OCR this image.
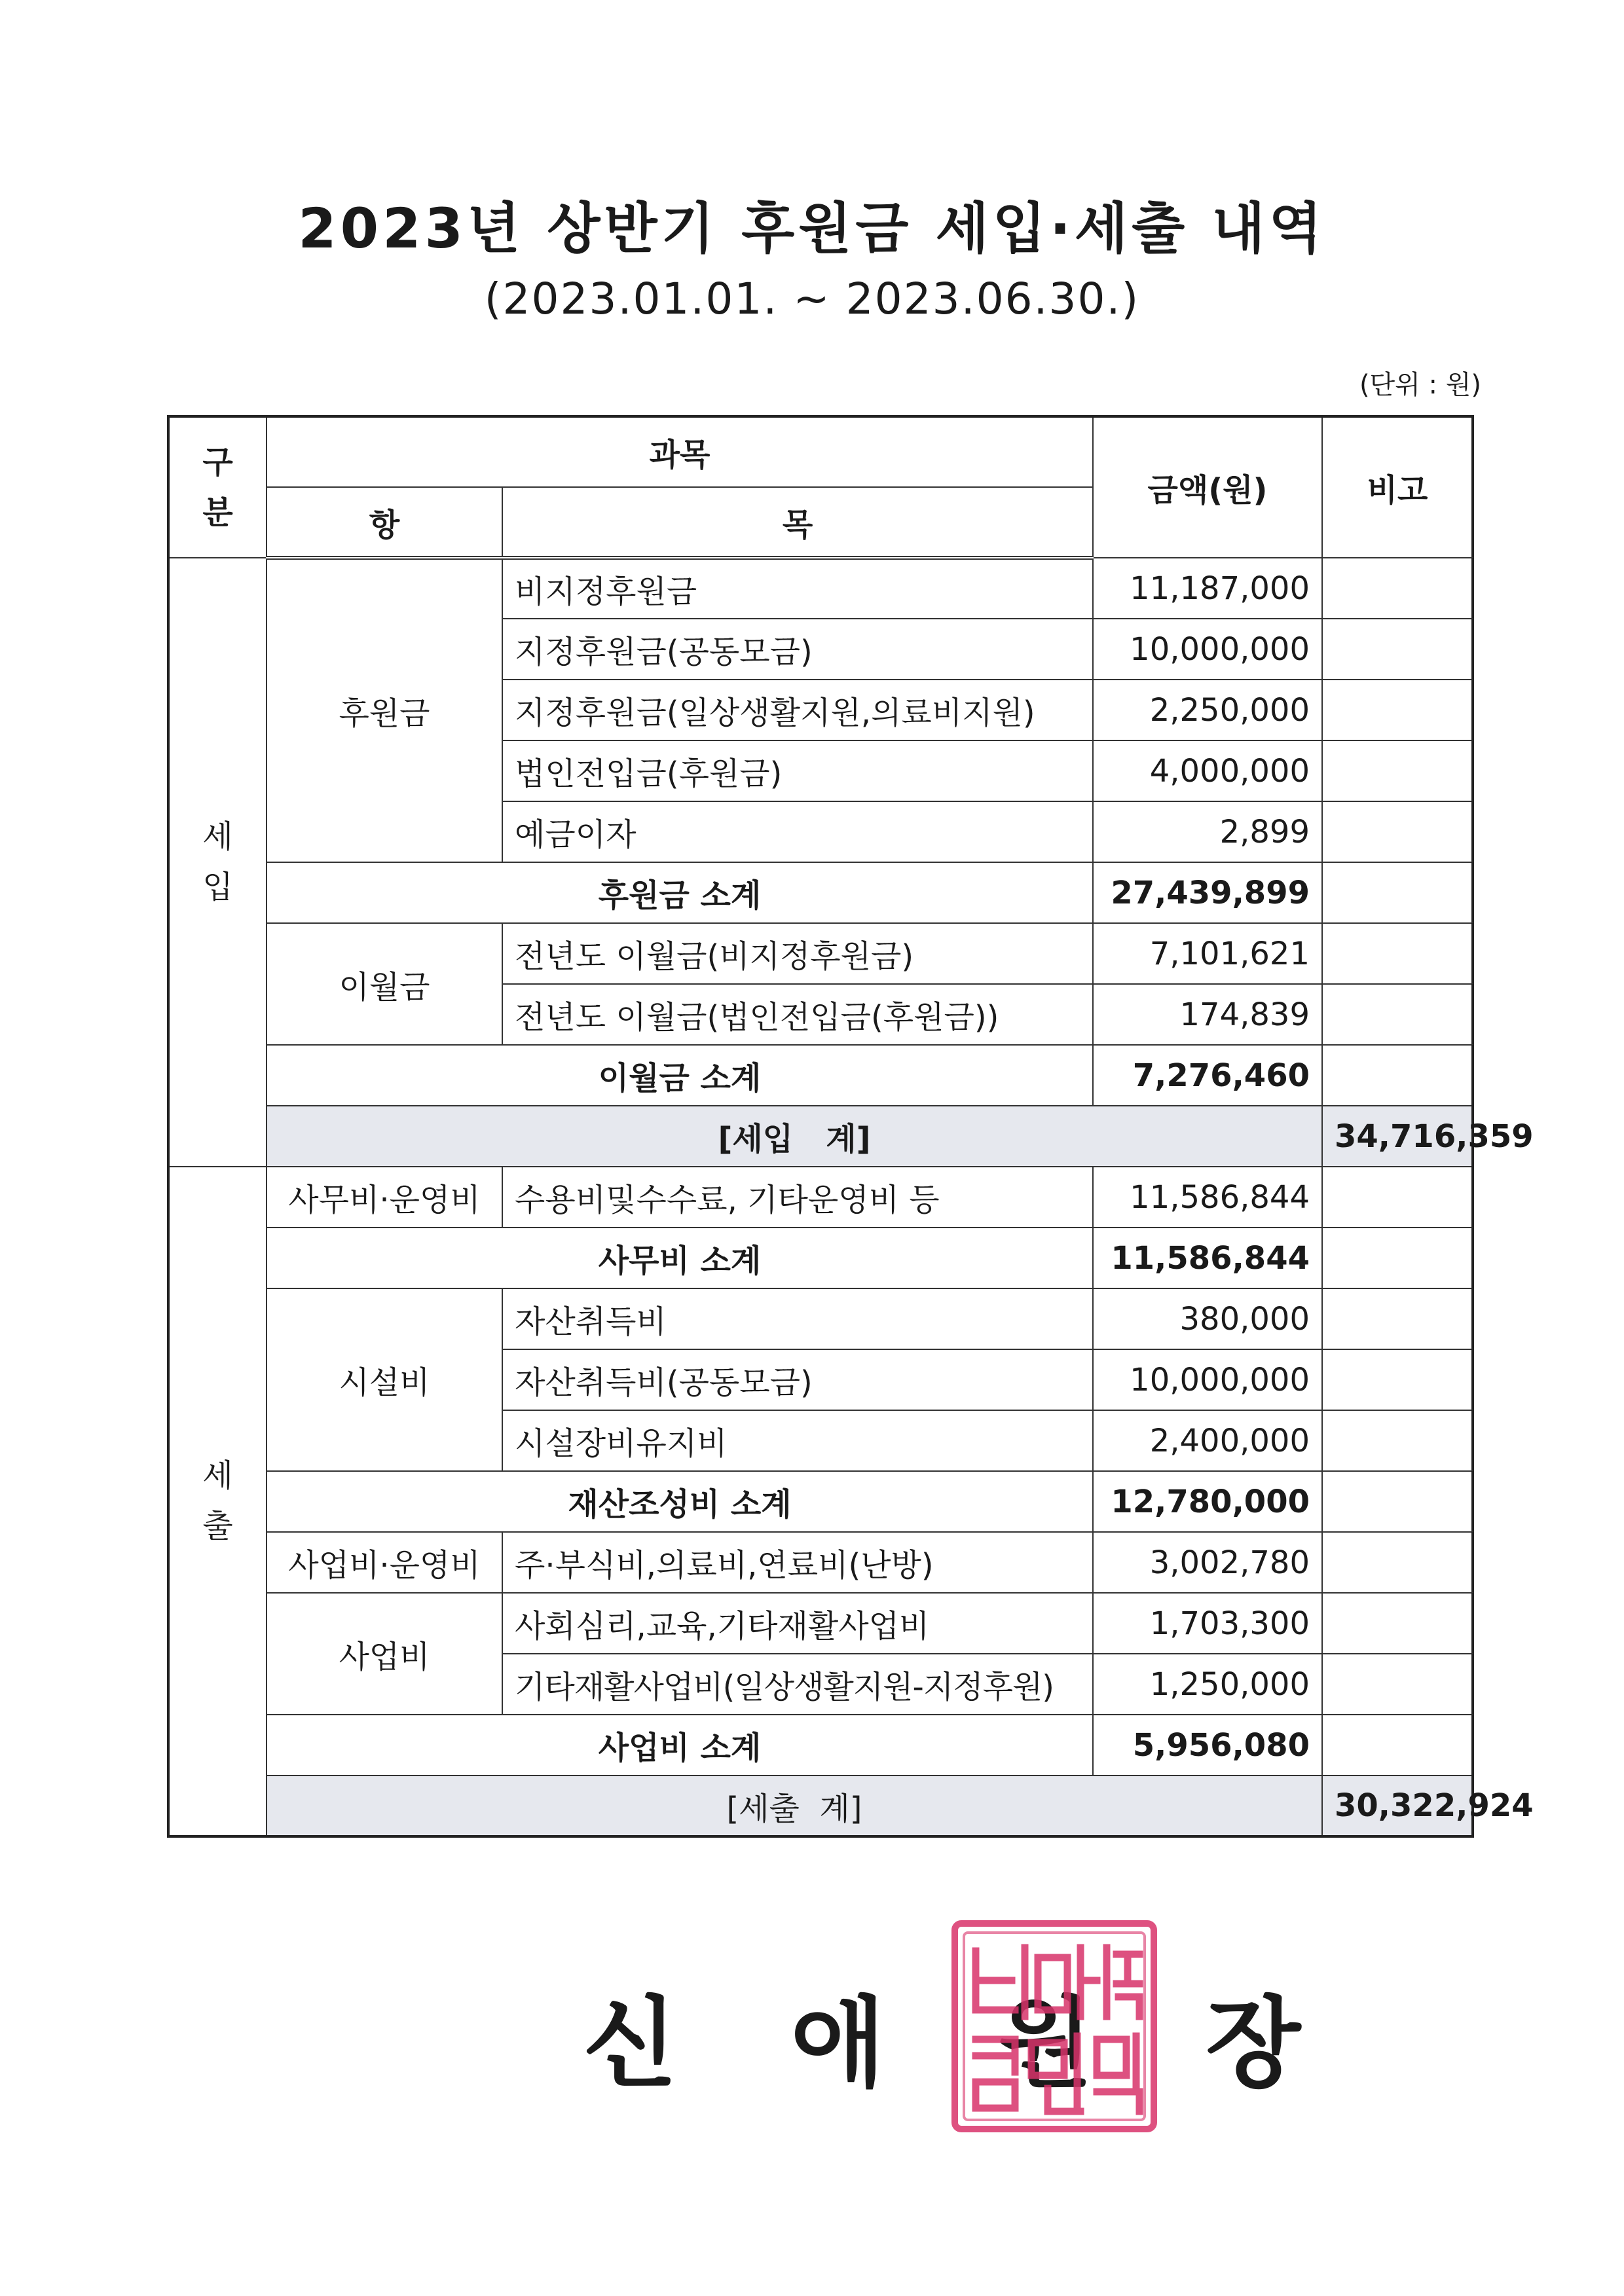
2023년 상반기 후원금 세입·세출 내역
(2023.01.01. ~ 2023.06.30.)
(단위 : 원)
구
분	과목		금액(원)	비고	
	항	목			
세
입	후원금	비지정후원금	11,187,000		
		지정후원금(공동모금)	10,000,000		
		지정후원금(일상생활지원,의료비지원)	2,250,000		
		법인전입금(후원금)	4,000,000		
		예금이자	2,899		
	후원금 소계		27,439,899		
	이월금	전년도 이월금(비지정후원금)	7,101,621		
		전년도 이월금(법인전입금(후원금))	174,839		
	이월금 소계		7,276,460		
	[세입   계]			34,716,359	
세
출	사무비·운영비	수용비및수수료, 기타운영비 등	11,586,844		
	사무비 소계		11,586,844		
	시설비	자산취득비	380,000		
		자산취득비(공동모금)	10,000,000		
		시설장비유지비	2,400,000		
	재산조성비 소계		12,780,000		
	사업비·운영비	주·부식비,의료비,연료비(난방)	3,002,780		
	사업비	사회심리,교육,기타재활사업비	1,703,300		
		기타재활사업비(일상생활지원-지정후원)	1,250,000		
	사업비 소계		5,956,080		
	[세출  계]			30,322,924	
신 애 원 장
